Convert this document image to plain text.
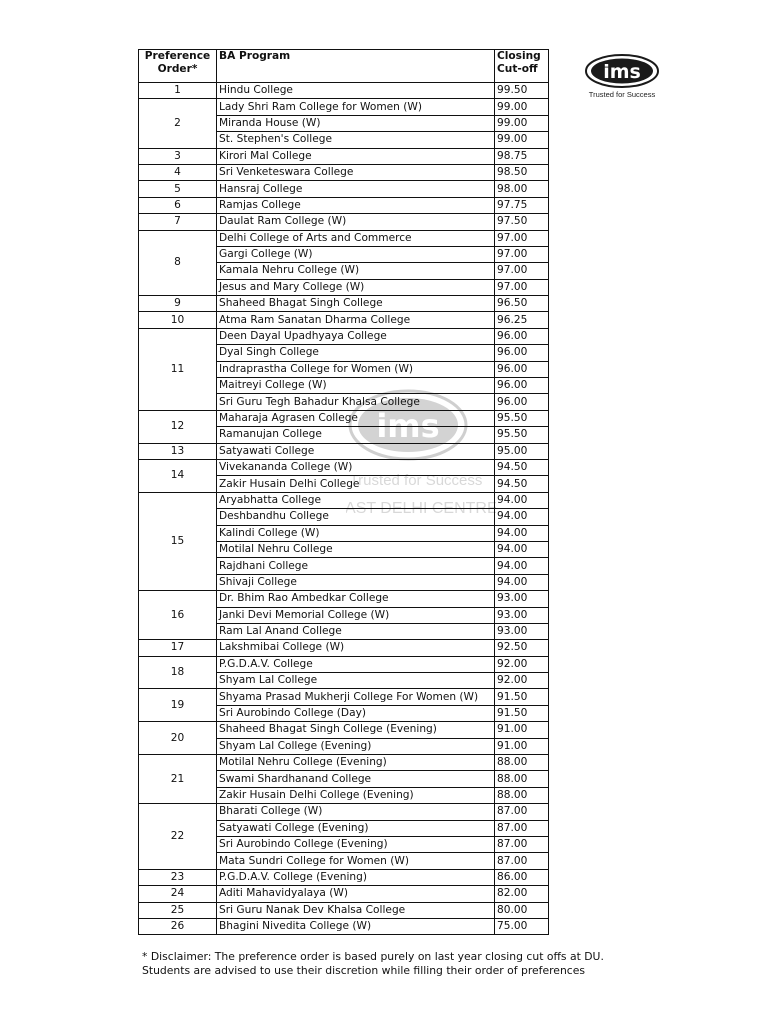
ims
Trusted for Success
EAST DELHI CENTRE
ims
Trusted for Success
Preference Order*	BA Program	Closing Cut-off
1	Hindu College	99.50
2	Lady Shri Ram College for Women (W)	99.00
	Miranda House (W)	99.00
	St. Stephen's College	99.00
3	Kirori Mal College	98.75
4	Sri Venketeswara College	98.50
5	Hansraj College	98.00
6	Ramjas College	97.75
7	Daulat Ram College (W)	97.50
8	Delhi College of Arts and Commerce	97.00
	Gargi College (W)	97.00
	Kamala Nehru College (W)	97.00
	Jesus and Mary College (W)	97.00
9	Shaheed Bhagat Singh College	96.50
10	Atma Ram Sanatan Dharma College	96.25
11	Deen Dayal Upadhyaya College	96.00
	Dyal Singh College	96.00
	Indraprastha College for Women (W)	96.00
	Maitreyi College (W)	96.00
	Sri Guru Tegh Bahadur Khalsa College	96.00
12	Maharaja Agrasen College	95.50
	Ramanujan College	95.50
13	Satyawati College	95.00
14	Vivekananda College (W)	94.50
	Zakir Husain Delhi College	94.50
15	Aryabhatta College	94.00
	Deshbandhu College	94.00
	Kalindi College (W)	94.00
	Motilal Nehru College	94.00
	Rajdhani College	94.00
	Shivaji College	94.00
16	Dr. Bhim Rao Ambedkar College	93.00
	Janki Devi Memorial College (W)	93.00
	Ram Lal Anand College	93.00
17	Lakshmibai College (W)	92.50
18	P.G.D.A.V. College	92.00
	Shyam Lal College	92.00
19	Shyama Prasad Mukherji College For Women (W)	91.50
	Sri Aurobindo College (Day)	91.50
20	Shaheed Bhagat Singh College (Evening)	91.00
	Shyam Lal College (Evening)	91.00
21	Motilal Nehru College (Evening)	88.00
	Swami Shardhanand College	88.00
	Zakir Husain Delhi College (Evening)	88.00
22	Bharati College (W)	87.00
	Satyawati College (Evening)	87.00
	Sri Aurobindo College (Evening)	87.00
	Mata Sundri College for Women (W)	87.00
23	P.G.D.A.V. College (Evening)	86.00
24	Aditi Mahavidyalaya (W)	82.00
25	Sri Guru Nanak Dev Khalsa College	80.00
26	Bhagini Nivedita College (W)	75.00
* Disclaimer: The preference order is based purely on last year closing cut offs at DU.
Students are advised to use their discretion while filling their order of preferences
